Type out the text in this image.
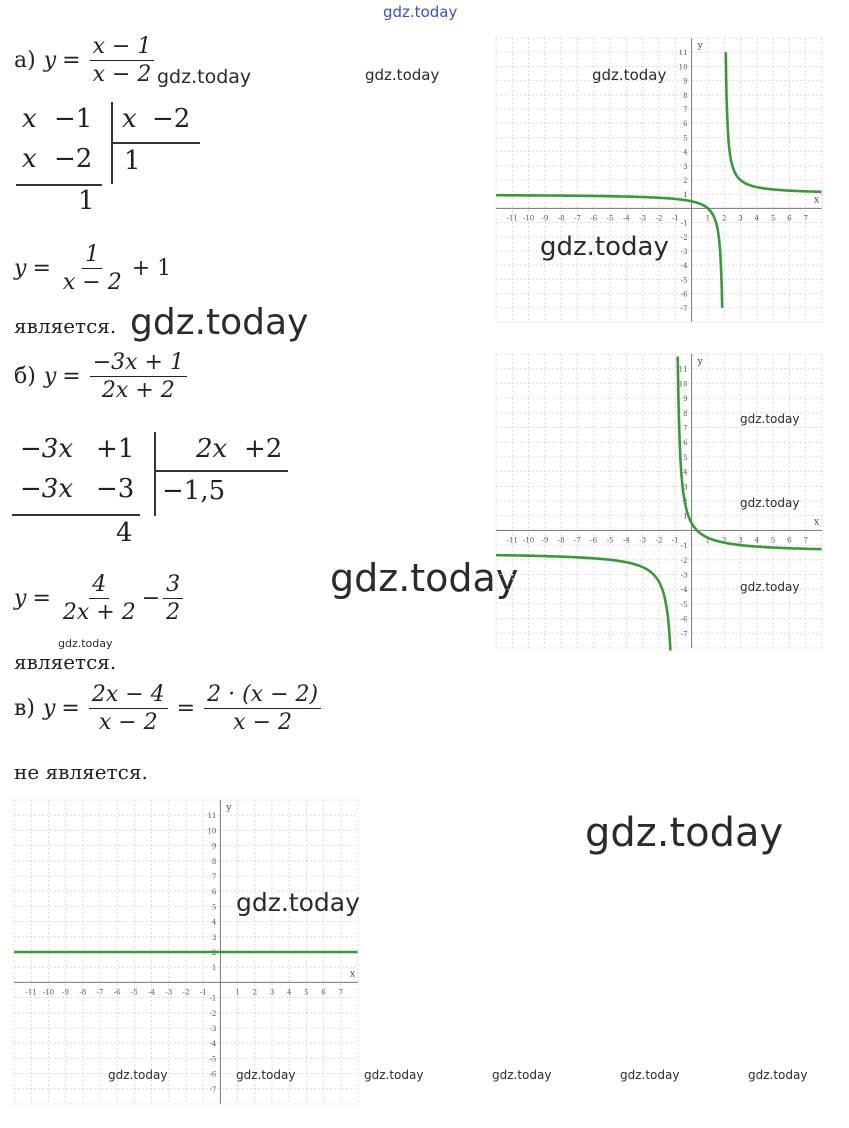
gdz.today
а) $y = \frac{x - 1}{x - 2}$ gdz.today	gdz.today
x −1 x −2
x −2 1
1
$y = \frac{1}{x - 2} + 1$
является. gdz.today
б) $y = \frac{-3x + 1}{2x + 2}$
−3x +1 2x +2
−3x −3 −1,5
4
$y = \frac{4}{2x + 2} - \frac{3}{2}$
gdz.today
является.
gdz.today
в) $y = \frac{2x - 4}{x - 2} = \frac{2 \cdot (x - 2)}{x - 2}$
не является.
gdz.today
x
y
-11 -10 -9 -8 -7 -6 -5 -4 -3 -2 -1	1 2 3 4 5 6 7
1
2
3
4
5
6
7
8
9
10
11
-1
-2
-3
-4
-5
-6
-7
x
y
-11 -10 -9 -8 -7 -6 -5 -4 -3 -2 -1	1 2 3 4 5 6 7
1
2
3
4
5
6
7
8
9
10
11
-1
-2
-3
-4
-5
-6
-7
x
y
-11 -10 -9 -8 -7 -6 -5 -4 -3 -2 -1	1 2 3 4 5 6 7
1
2
3
4
5
6
7
8
9
10
11
-1
-2
-3
-4
-5
-6
-7
gdz.today
gdz.today
gdz.today
gdz.today
gdz.today
gdz.today
gdz.today	gdz.today	gdz.today	gdz.today	gdz.today	gdz.today
